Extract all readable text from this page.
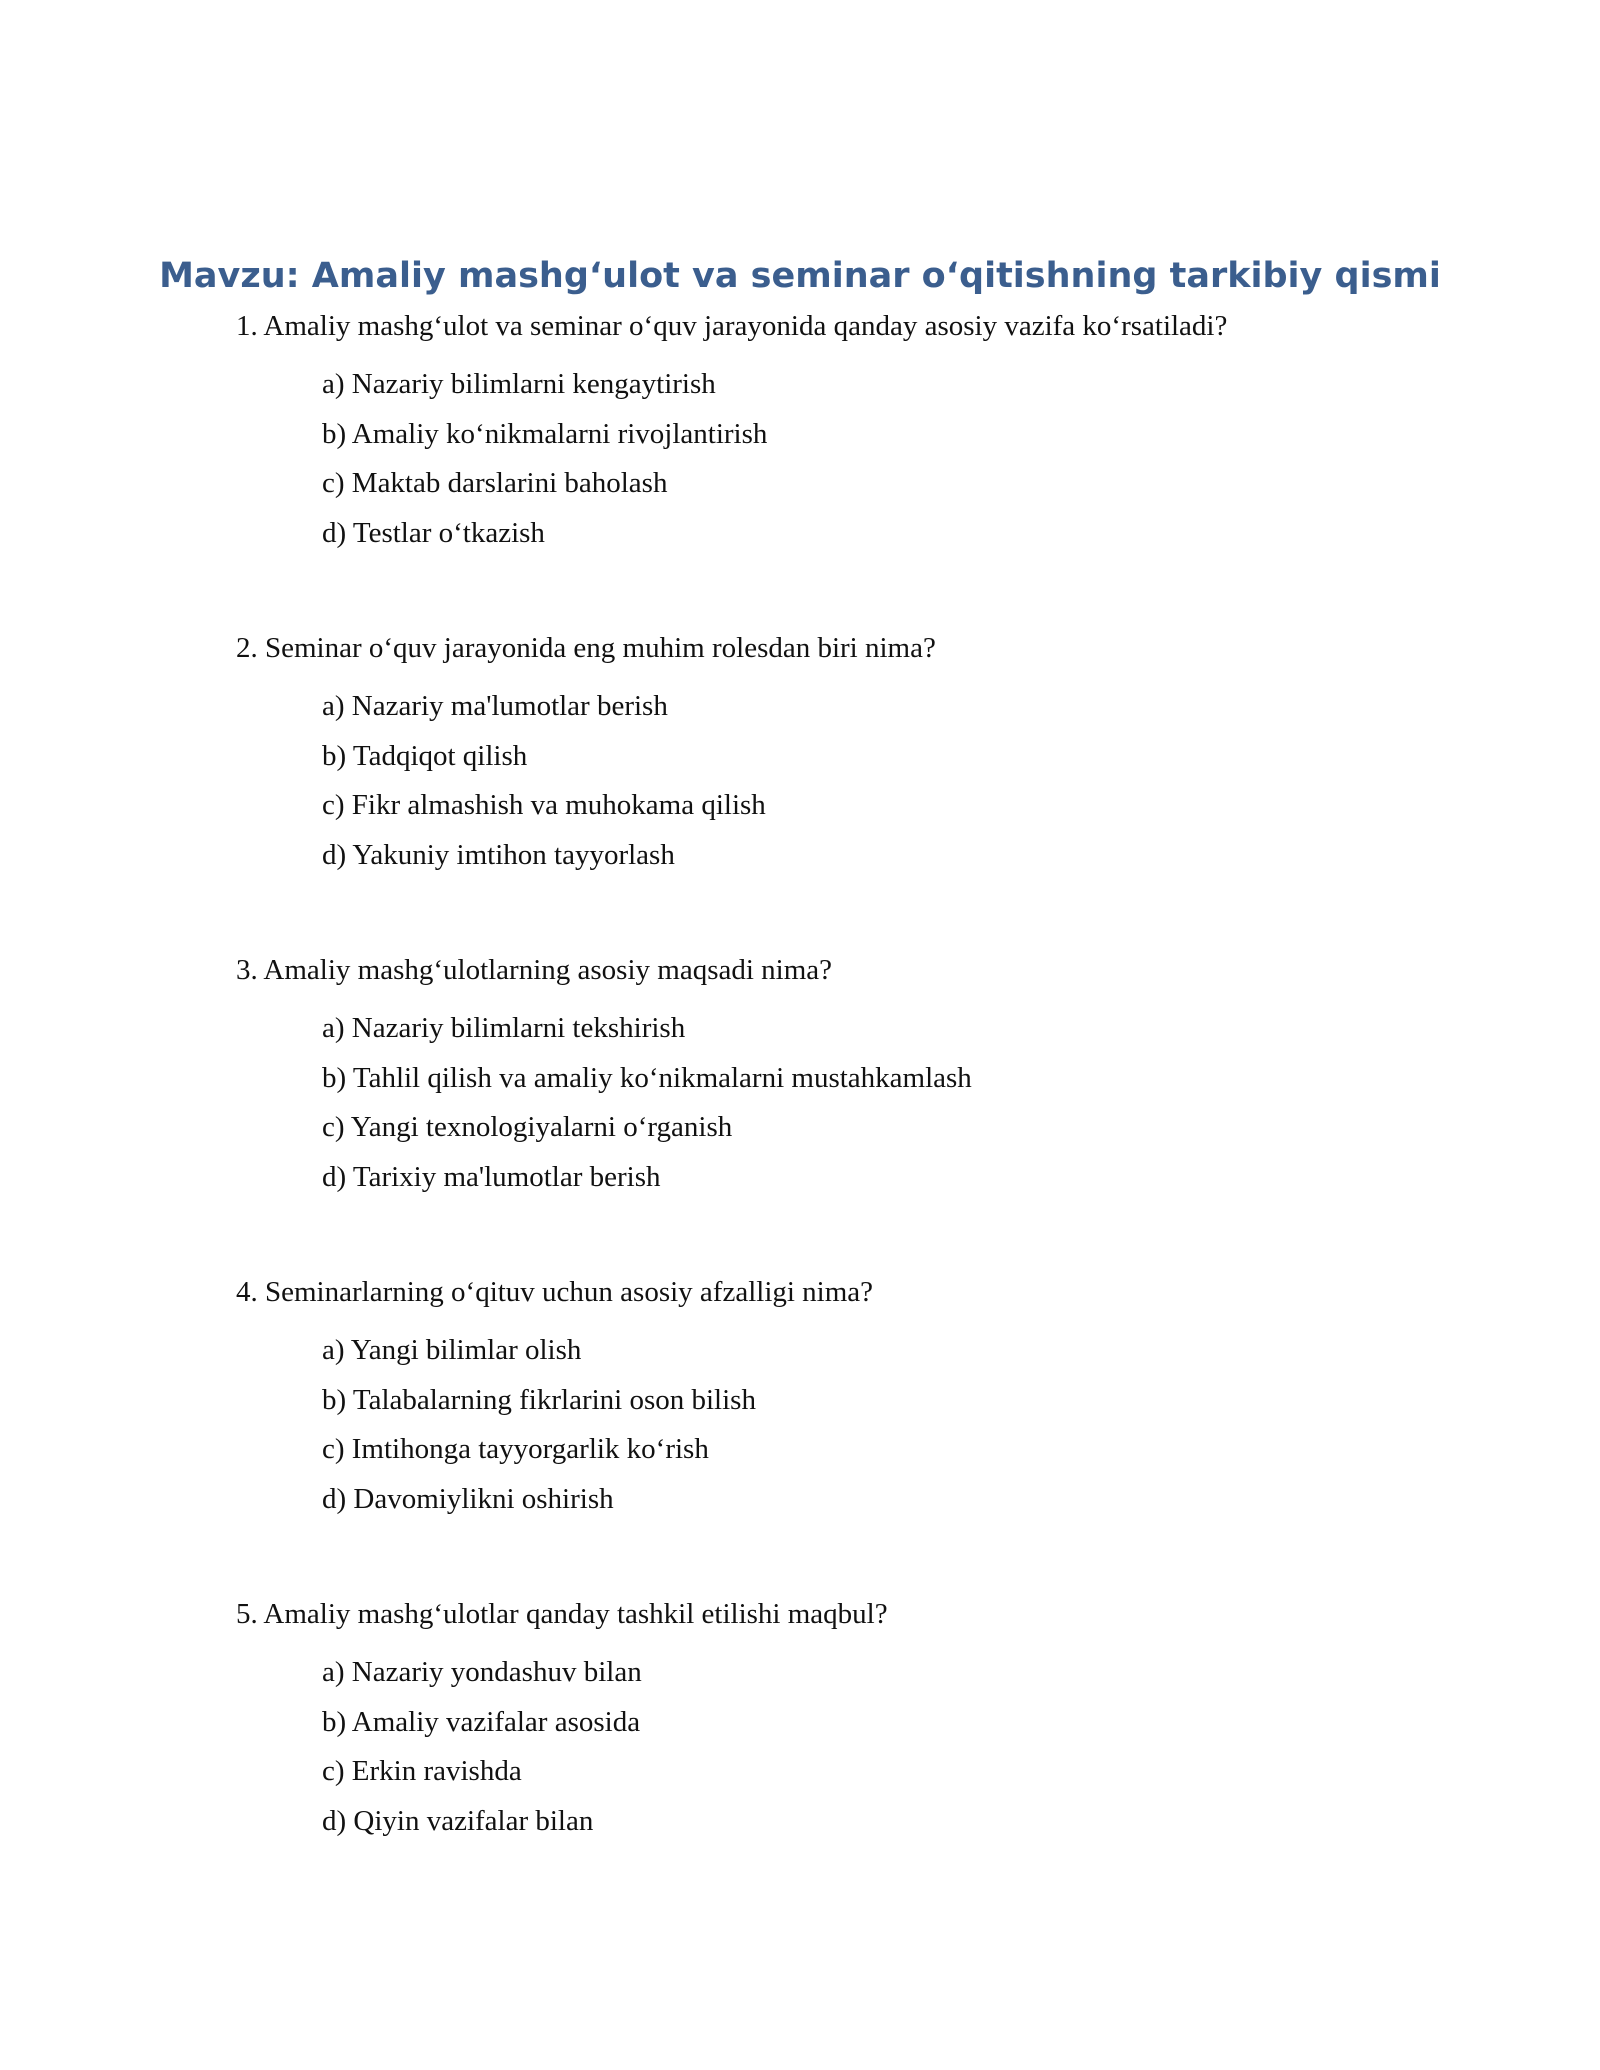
Mavzu: Amaliy mashg‘ulot va seminar o‘qitishning tarkibiy qismi

1. Amaliy mashg‘ulot va seminar o‘quv jarayonida qanday asosiy vazifa ko‘rsatiladi?

a) Nazariy bilimlarni kengaytirish
b) Amaliy ko‘nikmalarni rivojlantirish
c) Maktab darslarini baholash
d) Testlar o‘tkazish

2. Seminar o‘quv jarayonida eng muhim rolesdan biri nima?

a) Nazariy ma'lumotlar berish
b) Tadqiqot qilish
c) Fikr almashish va muhokama qilish
d) Yakuniy imtihon tayyorlash

3. Amaliy mashg‘ulotlarning asosiy maqsadi nima?

a) Nazariy bilimlarni tekshirish
b) Tahlil qilish va amaliy ko‘nikmalarni mustahkamlash
c) Yangi texnologiyalarni o‘rganish
d) Tarixiy ma'lumotlar berish

4. Seminarlarning o‘qituv uchun asosiy afzalligi nima?

a) Yangi bilimlar olish
b) Talabalarning fikrlarini oson bilish
c) Imtihonga tayyorgarlik ko‘rish
d) Davomiylikni oshirish

5. Amaliy mashg‘ulotlar qanday tashkil etilishi maqbul?

a) Nazariy yondashuv bilan
b) Amaliy vazifalar asosida
c) Erkin ravishda
d) Qiyin vazifalar bilan
